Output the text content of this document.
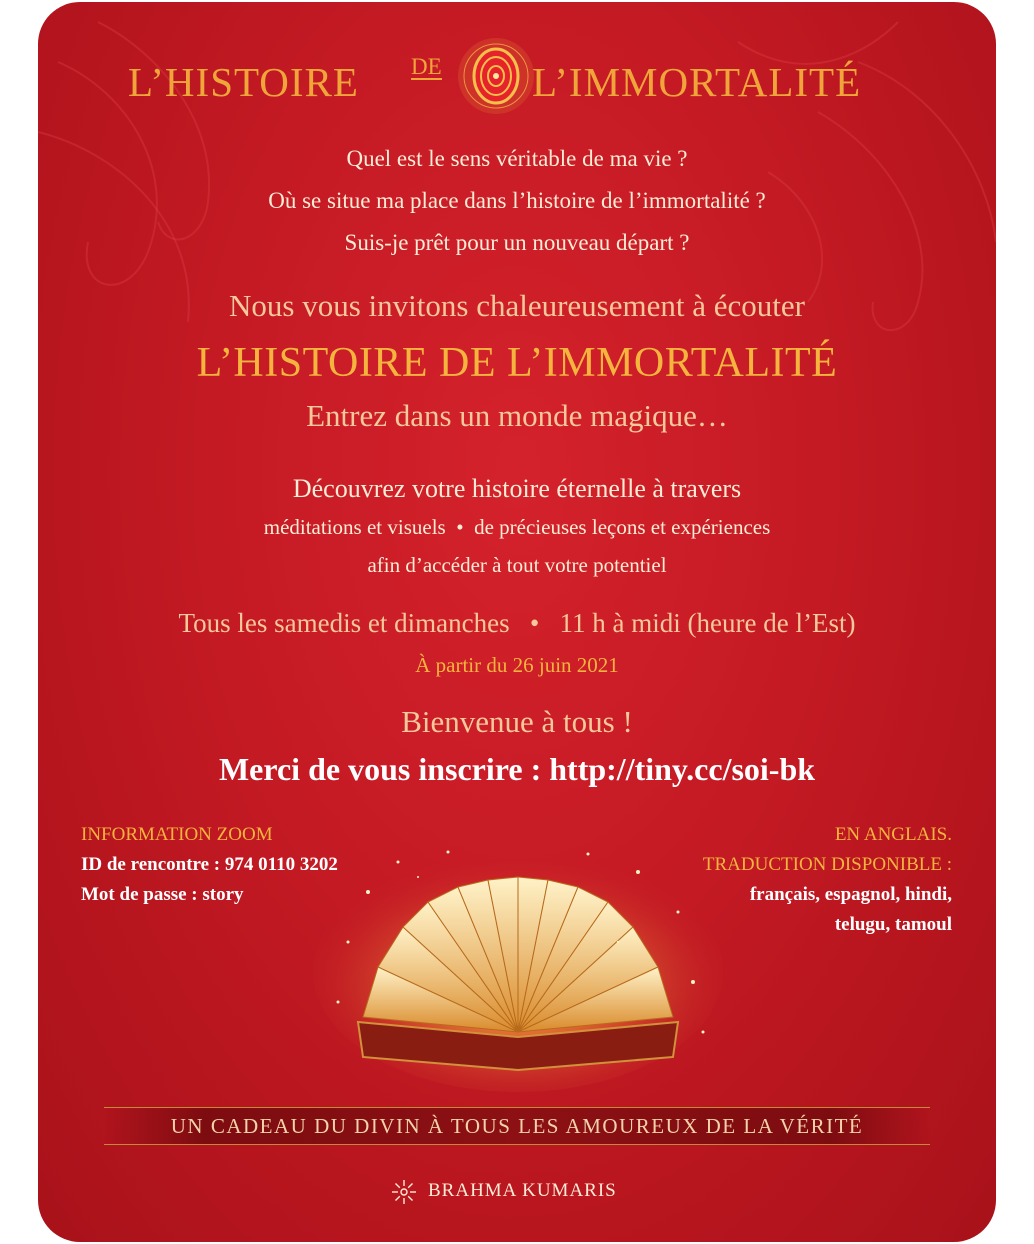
L’HISTOIRE DE L’IMMORTALITÉ
Quel est le sens véritable de ma vie ?
Où se situe ma place dans l’histoire de l’immortalité ?
Suis-je prêt pour un nouveau départ ?
Nous vous invitons chaleureusement à écouter
L’HISTOIRE DE L’IMMORTALITÉ
Entrez dans un monde magique…
Découvrez votre histoire éternelle à travers
méditations et visuels • de précieuses leçons et expériences
afin d’accéder à tout votre potentiel
Tous les samedis et dimanches • 11 h à midi (heure de l’Est)
À partir du 26 juin 2021
Bienvenue à tous !
Merci de vous inscrire : http://tiny.cc/soi-bk
INFORMATION ZOOM
ID de rencontre : 974 0110 3202
Mot de passe : story
EN ANGLAIS.
TRADUCTION DISPONIBLE :
français, espagnol, hindi,
telugu, tamoul
UN CADEAU DU DIVIN À TOUS LES AMOUREUX DE LA VÉRITÉ
BRAHMA KUMARIS
